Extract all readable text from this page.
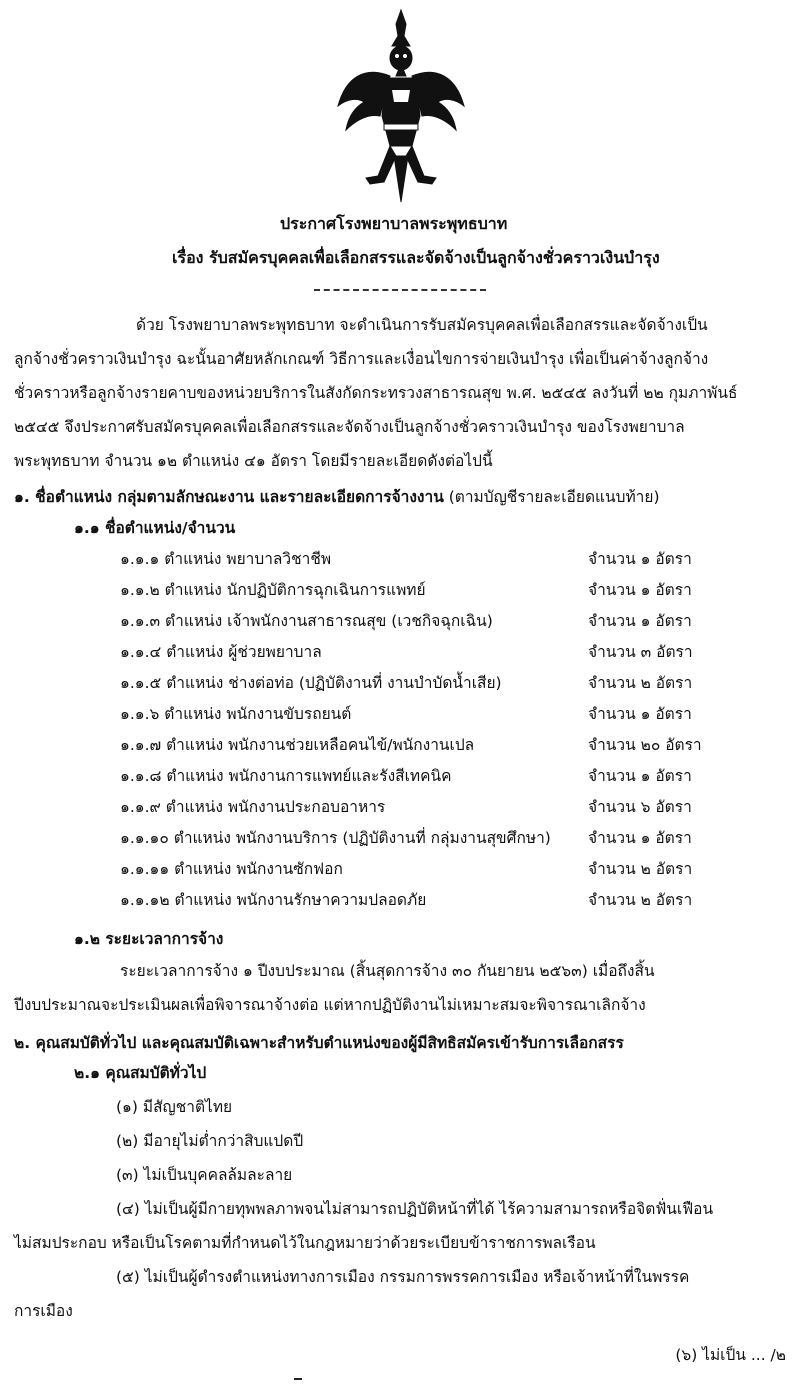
ประกาศโรงพยาบาลพระพุทธบาท
เรื่อง รับสมัครบุคคลเพื่อเลือกสรรและจัดจ้างเป็นลูกจ้างชั่วคราวเงินบำรุง
ด้วย โรงพยาบาลพระพุทธบาท จะดำเนินการรับสมัครบุคคลเพื่อเลือกสรรและจัดจ้างเป็น
ลูกจ้างชั่วคราวเงินบำรุง ฉะนั้นอาศัยหลักเกณฑ์ วิธีการและเงื่อนไขการจ่ายเงินบำรุง เพื่อเป็นค่าจ้างลูกจ้าง
ชั่วคราวหรือลูกจ้างรายคาบของหน่วยบริการในสังกัดกระทรวงสาธารณสุข พ.ศ. ๒๕๔๕ ลงวันที่ ๒๒ กุมภาพันธ์
๒๕๔๕ จึงประกาศรับสมัครบุคคลเพื่อเลือกสรรและจัดจ้างเป็นลูกจ้างชั่วคราวเงินบำรุง ของโรงพยาบาล
พระพุทธบาท จำนวน ๑๒ ตำแหน่ง ๔๑ อัตรา โดยมีรายละเอียดดังต่อไปนี้
๑. ชื่อตำแหน่ง กลุ่มตามลักษณะงาน และรายละเอียดการจ้างงาน (ตามบัญชีรายละเอียดแนบท้าย)
๑.๑ ชื่อตำแหน่ง/จำนวน
๑.๑.๑ ตำแหน่ง พยาบาลวิชาชีพ	จำนวน ๑ อัตรา
๑.๑.๒ ตำแหน่ง นักปฏิบัติการฉุกเฉินการแพทย์	จำนวน ๑ อัตรา
๑.๑.๓ ตำแหน่ง เจ้าพนักงานสาธารณสุข (เวชกิจฉุกเฉิน)	จำนวน ๑ อัตรา
๑.๑.๔ ตำแหน่ง ผู้ช่วยพยาบาล	จำนวน ๓ อัตรา
๑.๑.๕ ตำแหน่ง ช่างต่อท่อ (ปฏิบัติงานที่ งานบำบัดน้ำเสีย)	จำนวน ๒ อัตรา
๑.๑.๖ ตำแหน่ง พนักงานขับรถยนต์	จำนวน ๑ อัตรา
๑.๑.๗ ตำแหน่ง พนักงานช่วยเหลือคนไข้/พนักงานเปล	จำนวน ๒๐ อัตรา
๑.๑.๘ ตำแหน่ง พนักงานการแพทย์และรังสีเทคนิค	จำนวน ๑ อัตรา
๑.๑.๙ ตำแหน่ง พนักงานประกอบอาหาร	จำนวน ๖ อัตรา
๑.๑.๑๐ ตำแหน่ง พนักงานบริการ (ปฏิบัติงานที่ กลุ่มงานสุขศึกษา) จำนวน ๑ อัตรา
๑.๑.๑๑ ตำแหน่ง พนักงานซักฟอก	จำนวน ๒ อัตรา
๑.๑.๑๒ ตำแหน่ง พนักงานรักษาความปลอดภัย	จำนวน ๒ อัตรา
๑.๒ ระยะเวลาการจ้าง
ระยะเวลาการจ้าง ๑ ปีงบประมาณ (สิ้นสุดการจ้าง ๓๐ กันยายน ๒๕๖๓) เมื่อถึงสิ้น
ปีงบประมาณจะประเมินผลเพื่อพิจารณาจ้างต่อ แต่หากปฏิบัติงานไม่เหมาะสมจะพิจารณาเลิกจ้าง
๒. คุณสมบัติทั่วไป และคุณสมบัติเฉพาะสำหรับตำแหน่งของผู้มีสิทธิสมัครเข้ารับการเลือกสรร
๒.๑ คุณสมบัติทั่วไป
(๑) มีสัญชาติไทย
(๒) มีอายุไม่ต่ำกว่าสิบแปดปี
(๓) ไม่เป็นบุคคลล้มละลาย
(๔) ไม่เป็นผู้มีกายทุพพลภาพจนไม่สามารถปฏิบัติหน้าที่ได้ ไร้ความสามารถหรือจิตฟั่นเฟือน
ไม่สมประกอบ หรือเป็นโรคตามที่กำหนดไว้ในกฎหมายว่าด้วยระเบียบข้าราชการพลเรือน
(๕) ไม่เป็นผู้ดำรงตำแหน่งทางการเมือง กรรมการพรรคการเมือง หรือเจ้าหน้าที่ในพรรค
การเมือง
(๖) ไม่เป็น ... /๒
